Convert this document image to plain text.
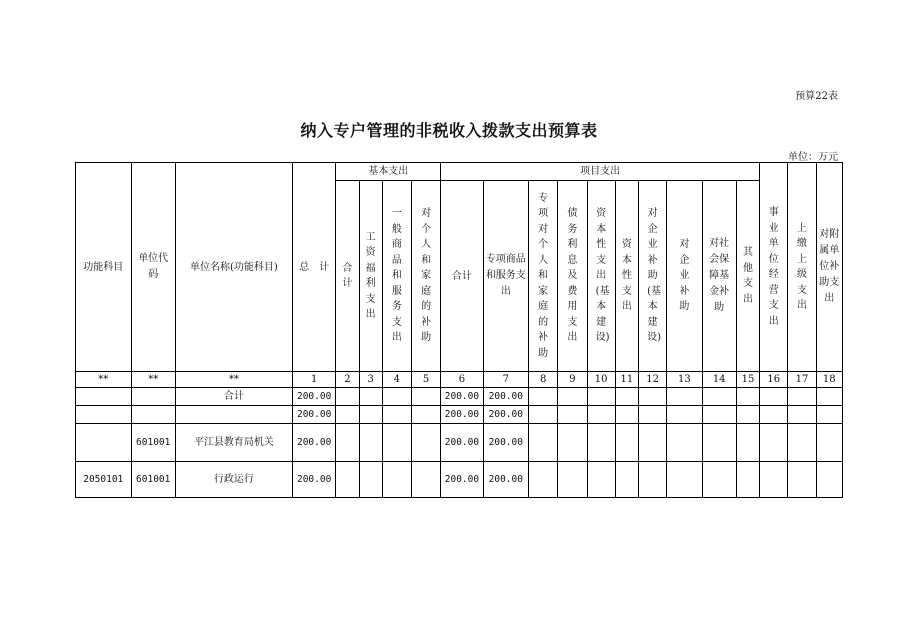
预算22表
纳入专户管理的非税收入拨款支出预算表
单位：万元
功能科目	单位代码	单位名称(功能科目)	总　计	基本支出				项目支出										事业单位经营支出	上缴上级支出	对附属单位补助支出
				合计	工资福利支出	一般商品和服务支出	对个人和家庭的补助	合计	专项商品和服务支出	专项对个人和家庭的补助	债务利息及费用支出	资本性支出(基本建设)	资本性支出	对企业补助(基本建设)	对企业补助	对社会保障基金补助	其他支出			
**	**	**	1	2	3	4	5	6	7	8	9	10	11	12	13	14	15	16	17	18
		合计	200.00					200.00	200.00											
			200.00					200.00	200.00											
	601001	平江县教育局机关	200.00					200.00	200.00											
2050101	601001	行政运行	200.00					200.00	200.00											
